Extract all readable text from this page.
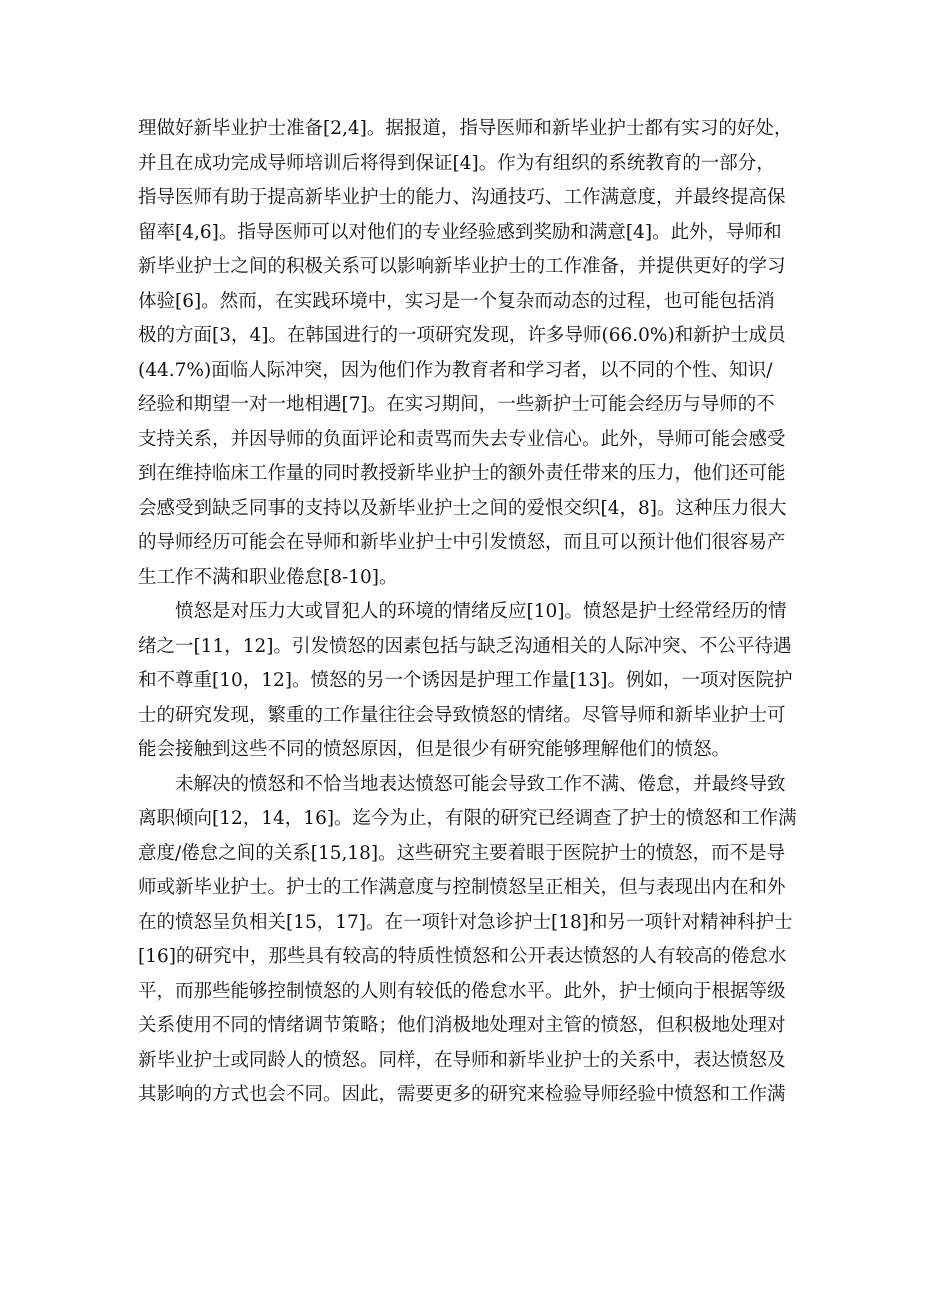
理做好新毕业护士准备[2,4]。据报道，指导医师和新毕业护士都有实习的好处，
并且在成功完成导师培训后将得到保证[4]。作为有组织的系统教育的一部分，
指导医师有助于提高新毕业护士的能力、沟通技巧、工作满意度，并最终提高保
留率[4,6]。指导医师可以对他们的专业经验感到奖励和满意[4]。此外，导师和
新毕业护士之间的积极关系可以影响新毕业护士的工作准备，并提供更好的学习
体验[6]。然而，在实践环境中，实习是一个复杂而动态的过程，也可能包括消
极的方面[3，4]。在韩国进行的一项研究发现，许多导师(66.0%)和新护士成员
(44.7%)面临人际冲突，因为他们作为教育者和学习者，以不同的个性、知识/
经验和期望一对一地相遇[7]。在实习期间，一些新护士可能会经历与导师的不
支持关系，并因导师的负面评论和责骂而失去专业信心。此外，导师可能会感受
到在维持临床工作量的同时教授新毕业护士的额外责任带来的压力，他们还可能
会感受到缺乏同事的支持以及新毕业护士之间的爱恨交织[4，8]。这种压力很大
的导师经历可能会在导师和新毕业护士中引发愤怒，而且可以预计他们很容易产
生工作不满和职业倦怠[8-10]。
　　愤怒是对压力大或冒犯人的环境的情绪反应[10]。愤怒是护士经常经历的情
绪之一[11，12]。引发愤怒的因素包括与缺乏沟通相关的人际冲突、不公平待遇
和不尊重[10，12]。愤怒的另一个诱因是护理工作量[13]。例如，一项对医院护
士的研究发现，繁重的工作量往往会导致愤怒的情绪。尽管导师和新毕业护士可
能会接触到这些不同的愤怒原因，但是很少有研究能够理解他们的愤怒。
　　未解决的愤怒和不恰当地表达愤怒可能会导致工作不满、倦怠，并最终导致
离职倾向[12，14，16]。迄今为止，有限的研究已经调查了护士的愤怒和工作满
意度/倦怠之间的关系[15,18]。这些研究主要着眼于医院护士的愤怒，而不是导
师或新毕业护士。护士的工作满意度与控制愤怒呈正相关，但与表现出内在和外
在的愤怒呈负相关[15，17]。在一项针对急诊护士[18]和另一项针对精神科护士
[16]的研究中，那些具有较高的特质性愤怒和公开表达愤怒的人有较高的倦怠水
平，而那些能够控制愤怒的人则有较低的倦怠水平。此外，护士倾向于根据等级
关系使用不同的情绪调节策略；他们消极地处理对主管的愤怒，但积极地处理对
新毕业护士或同龄人的愤怒。同样，在导师和新毕业护士的关系中，表达愤怒及
其影响的方式也会不同。因此，需要更多的研究来检验导师经验中愤怒和工作满
